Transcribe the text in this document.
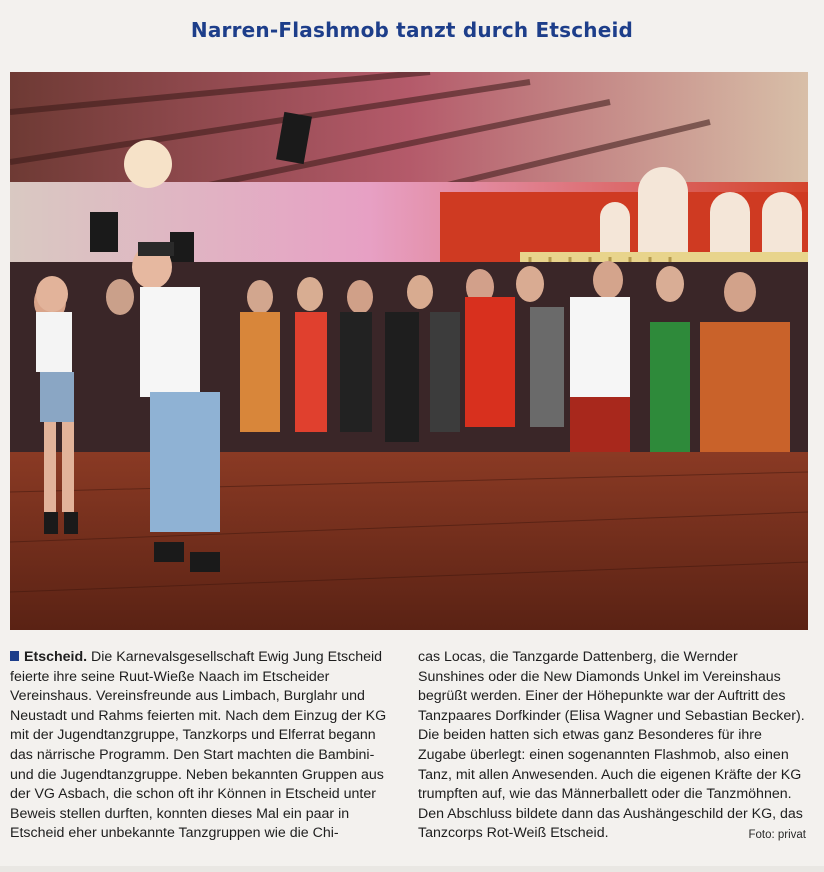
Narren-Flashmob tanzt durch Etscheid

Etscheid. Die Karnevalsgesellschaft Ewig Jung Etscheid feierte ihre seine Ruut-Wieße Naach im Etscheider Vereinshaus. Vereinsfreunde aus Limbach, Burglahr und Neustadt und Rahms feierten mit. Nach dem Einzug der KG mit der Jugendtanzgruppe, Tanzkorps und Elferrat begann das närrische Programm. Den Start machten die Bambini- und die Jugendtanzgruppe. Neben bekannten Gruppen aus der VG Asbach, die schon oft ihr Können in Etscheid unter Beweis stellen durften, konnten dieses Mal ein paar in Etscheid eher unbekannte Tanzgruppen wie die Chi-

cas Locas, die Tanzgarde Dattenberg, die Wernder Sunshines oder die New Diamonds Unkel im Vereinshaus begrüßt werden. Einer der Höhepunkte war der Auftritt des Tanzpaares Dorfkinder (Elisa Wagner und Sebastian Becker). Die beiden hatten sich etwas ganz Besonderes für ihre Zugabe überlegt: einen sogenannten Flashmob, also einen Tanz, mit allen Anwesenden. Auch die eigenen Kräfte der KG trumpften auf, wie das Männerballett oder die Tanzmöhnen. Den Abschluss bildete dann das Aushängeschild der KG, das Tanzcorps Rot-Weiß Etscheid.	Foto: privat
